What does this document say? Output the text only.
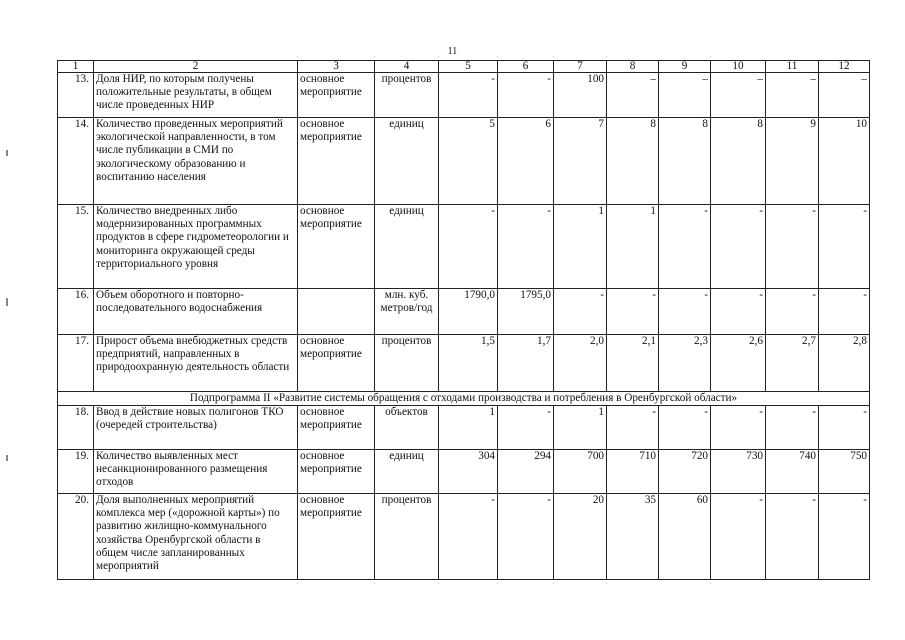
11
1	2	3	4	5	6	7	8	9	10	11	12
13.	Доля НИР, по которым получены положительные результаты, в общем числе проведенных НИР	основное мероприятие	процентов	-	-	100	–	–	–	–	–
14.	Количество проведенных мероприятий экологической направленности, в том числе публикации в СМИ по экологическому образованию и воспитанию населения	основное мероприятие	единиц	5	6	7	8	8	8	9	10
15.	Количество внедренных либо модернизированных программных продуктов в сфере гидрометеорологии и мониторинга окружающей среды территориального уровня	основное мероприятие	единиц	-	-	1	1	-	-	-	-
16.	Объем оборотного и повторно-последовательного водоснабжения		млн. куб. метров/год	1790,0	1795,0	-	-	-	-	-	-
17.	Прирост объема внебюджетных средств предприятий, направленных в природоохранную деятельность области	основное мероприятие	процентов	1,5	1,7	2,0	2,1	2,3	2,6	2,7	2,8
Подпрограмма II «Развитие системы обращения с отходами производства и потребления в Оренбургской области»											
18.	Ввод в действие новых полигонов ТКО (очередей строительства)	основное мероприятие	объектов	1	-	1	-	-	-	-	-
19.	Количество выявленных мест несанкционированного размещения отходов	основное мероприятие	единиц	304	294	700	710	720	730	740	750
20.	Доля выполненных мероприятий комплекса мер («дорожной карты») по развитию жилищно-коммунального хозяйства Оренбургской области в общем числе запланированных мероприятий	основное мероприятие	процентов	-	-	20	35	60	-	-	-
